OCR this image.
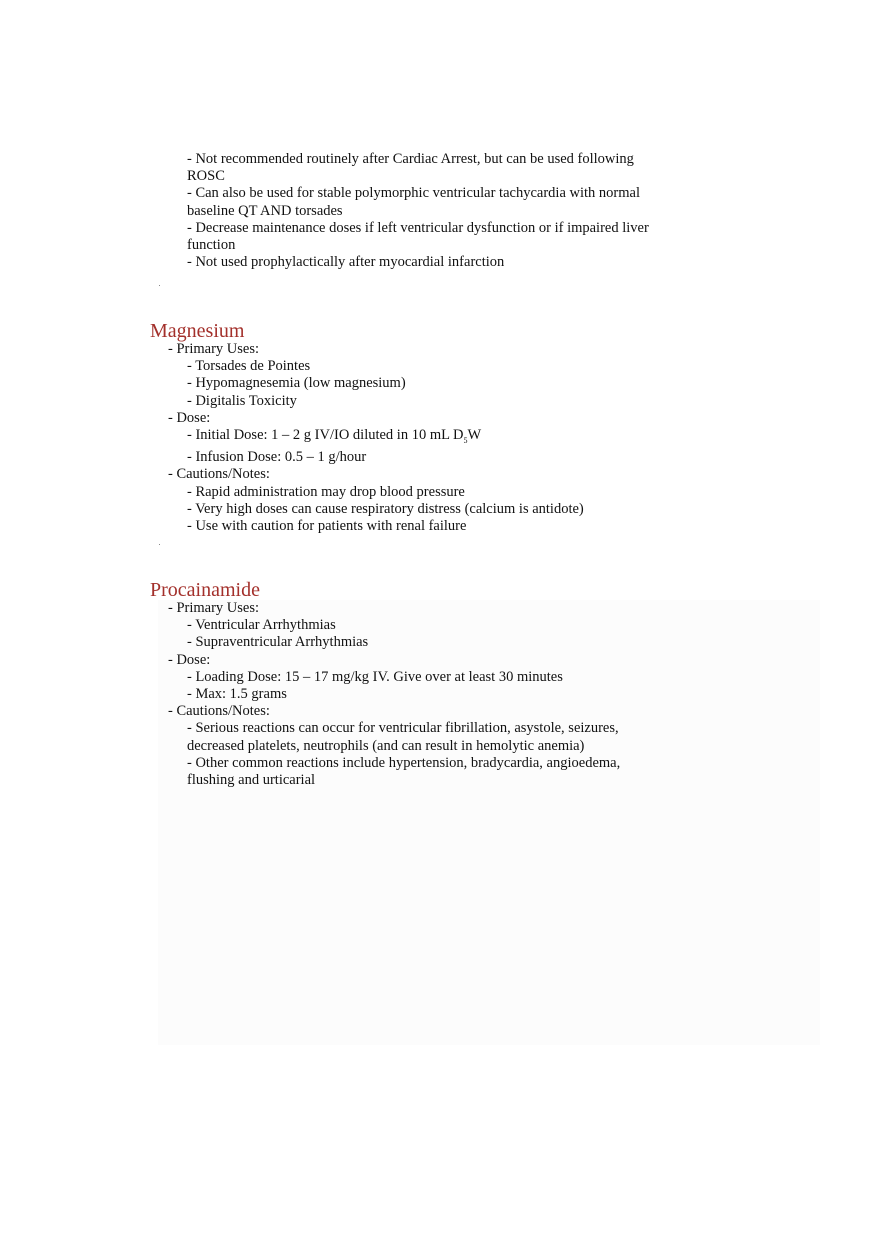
- Not recommended routinely after Cardiac Arrest, but can be used following
ROSC
- Can also be used for stable polymorphic ventricular tachycardia with normal
baseline QT AND torsades
- Decrease maintenance doses if left ventricular dysfunction or if impaired liver
function
- Not used prophylactically after myocardial infarction
Magnesium
- Primary Uses:
- Torsades de Pointes
- Hypomagnesemia (low magnesium)
- Digitalis Toxicity
- Dose:
- Initial Dose: 1 – 2 g IV/IO diluted in 10 mL $D_5W$
- Infusion Dose: 0.5 – 1 g/hour
- Cautions/Notes:
- Rapid administration may drop blood pressure
- Very high doses can cause respiratory distress (calcium is antidote)
- Use with caution for patients with renal failure
Procainamide
- Primary Uses:
- Ventricular Arrhythmias
- Supraventricular Arrhythmias
- Dose:
- Loading Dose: 15 – 17 mg/kg IV. Give over at least 30 minutes
- Max: 1.5 grams
- Cautions/Notes:
- Serious reactions can occur for ventricular fibrillation, asystole, seizures,
decreased platelets, neutrophils (and can result in hemolytic anemia)
- Other common reactions include hypertension, bradycardia, angioedema,
flushing and urticarial
